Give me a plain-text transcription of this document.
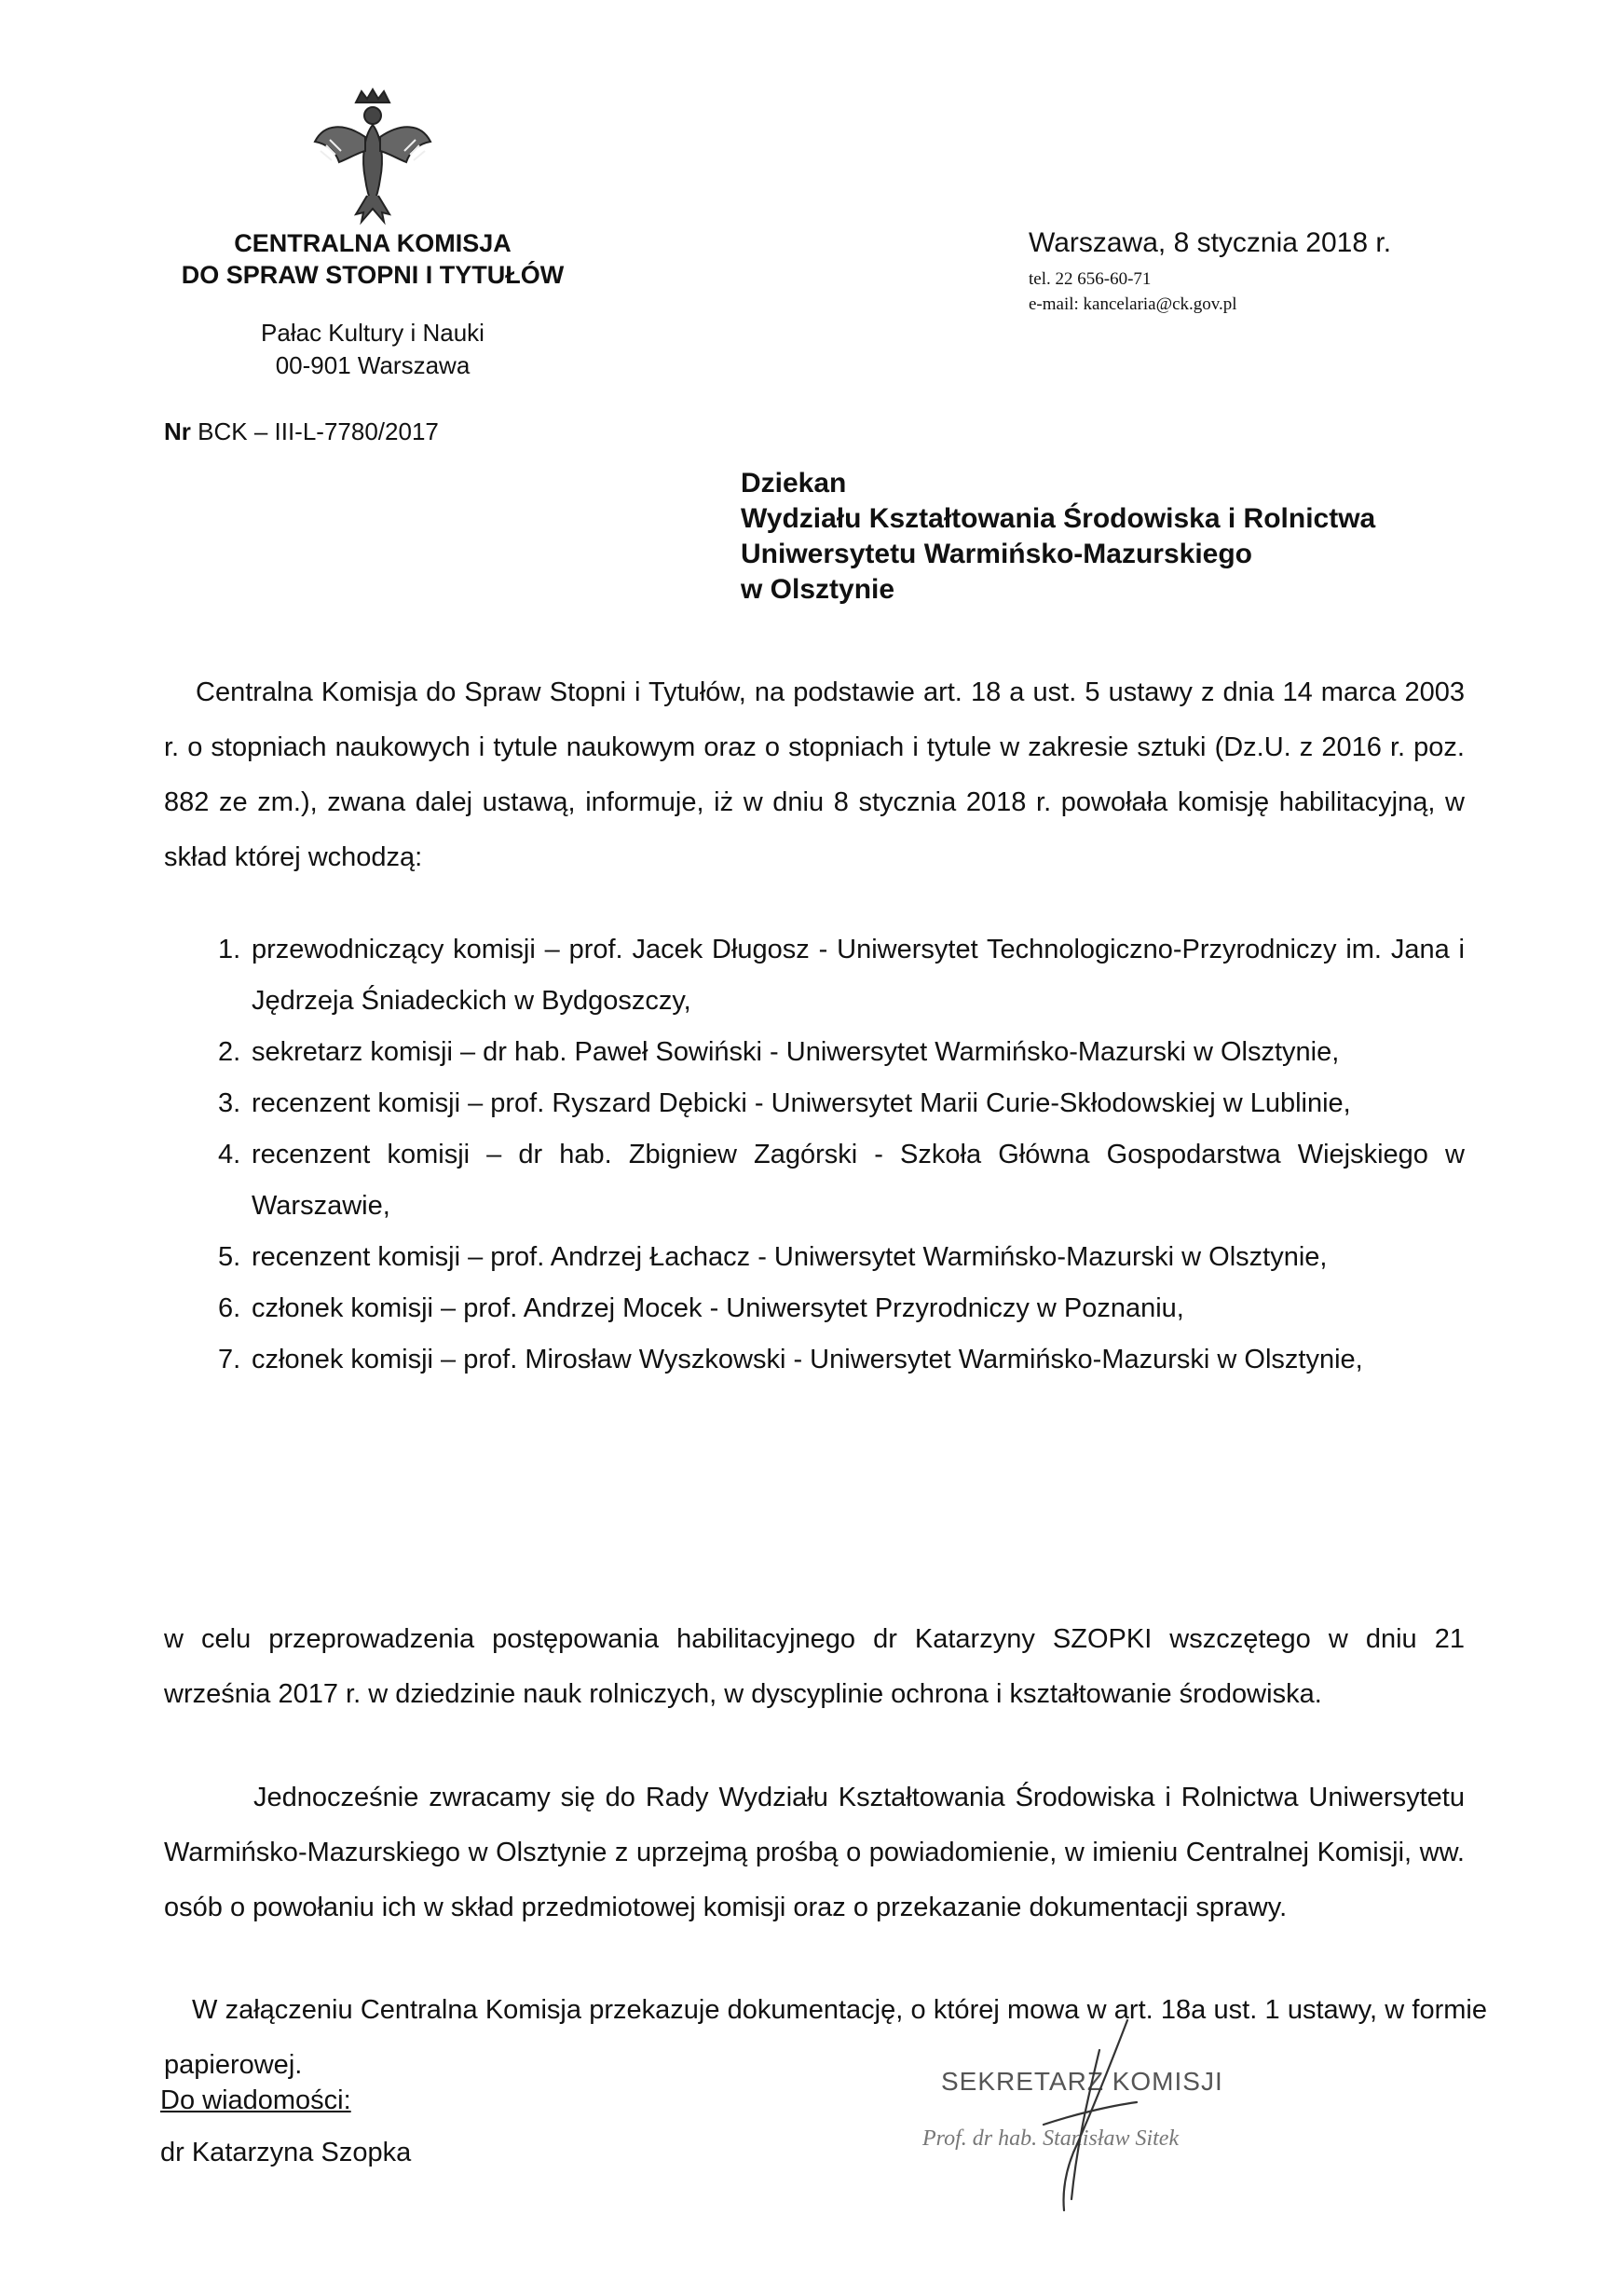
CENTRALNA KOMISJA
DO SPRAW STOPNI I TYTUŁÓW
Pałac Kultury i Nauki
00-901 Warszawa
Nr BCK – III-L-7780/2017
Warszawa, 8 stycznia 2018 r.
tel. 22 656-60-71
e-mail: kancelaria@ck.gov.pl
Dziekan
Wydziału Kształtowania Środowiska i Rolnictwa
Uniwersytetu Warmińsko-Mazurskiego
w Olsztynie
Centralna Komisja do Spraw Stopni i Tytułów, na podstawie art. 18 a ust. 5 ustawy z dnia 14 marca 2003 r. o stopniach naukowych i tytule naukowym oraz o stopniach i tytule w zakresie sztuki (Dz.U. z 2016 r. poz. 882 ze zm.), zwana dalej ustawą, informuje, iż w dniu 8 stycznia 2018 r. powołała komisję habilitacyjną, w skład której wchodzą:
1. przewodniczący komisji – prof. Jacek Długosz - Uniwersytet Technologiczno-Przyrodniczy im. Jana i Jędrzeja Śniadeckich w Bydgoszczy,
2. sekretarz komisji – dr hab. Paweł Sowiński - Uniwersytet Warmińsko-Mazurski w Olsztynie,
3. recenzent komisji – prof. Ryszard Dębicki - Uniwersytet Marii Curie-Skłodowskiej w Lublinie,
4. recenzent komisji – dr hab. Zbigniew Zagórski - Szkoła Główna Gospodarstwa Wiejskiego w Warszawie,
5. recenzent komisji – prof. Andrzej Łachacz - Uniwersytet Warmińsko-Mazurski w Olsztynie,
6. członek komisji – prof. Andrzej Mocek - Uniwersytet Przyrodniczy w Poznaniu,
7. członek komisji – prof. Mirosław Wyszkowski - Uniwersytet Warmińsko-Mazurski w Olsztynie,
w celu przeprowadzenia postępowania habilitacyjnego dr Katarzyny SZOPKI wszczętego w dniu 21 września 2017 r. w dziedzinie nauk rolniczych, w dyscyplinie ochrona i kształtowanie środowiska.
Jednocześnie zwracamy się do Rady Wydziału Kształtowania Środowiska i Rolnictwa Uniwersytetu Warmińsko-Mazurskiego w Olsztynie z uprzejmą prośbą o powiadomienie, w imieniu Centralnej Komisji, ww. osób o powołaniu ich w skład przedmiotowej komisji oraz o przekazanie dokumentacji sprawy.
W załączeniu Centralna Komisja przekazuje dokumentację, o której mowa w art. 18a ust. 1 ustawy, w formie papierowej.
Do wiadomości:
dr Katarzyna Szopka
SEKRETARZ KOMISJI
Prof. dr hab. Stanisław Sitek
